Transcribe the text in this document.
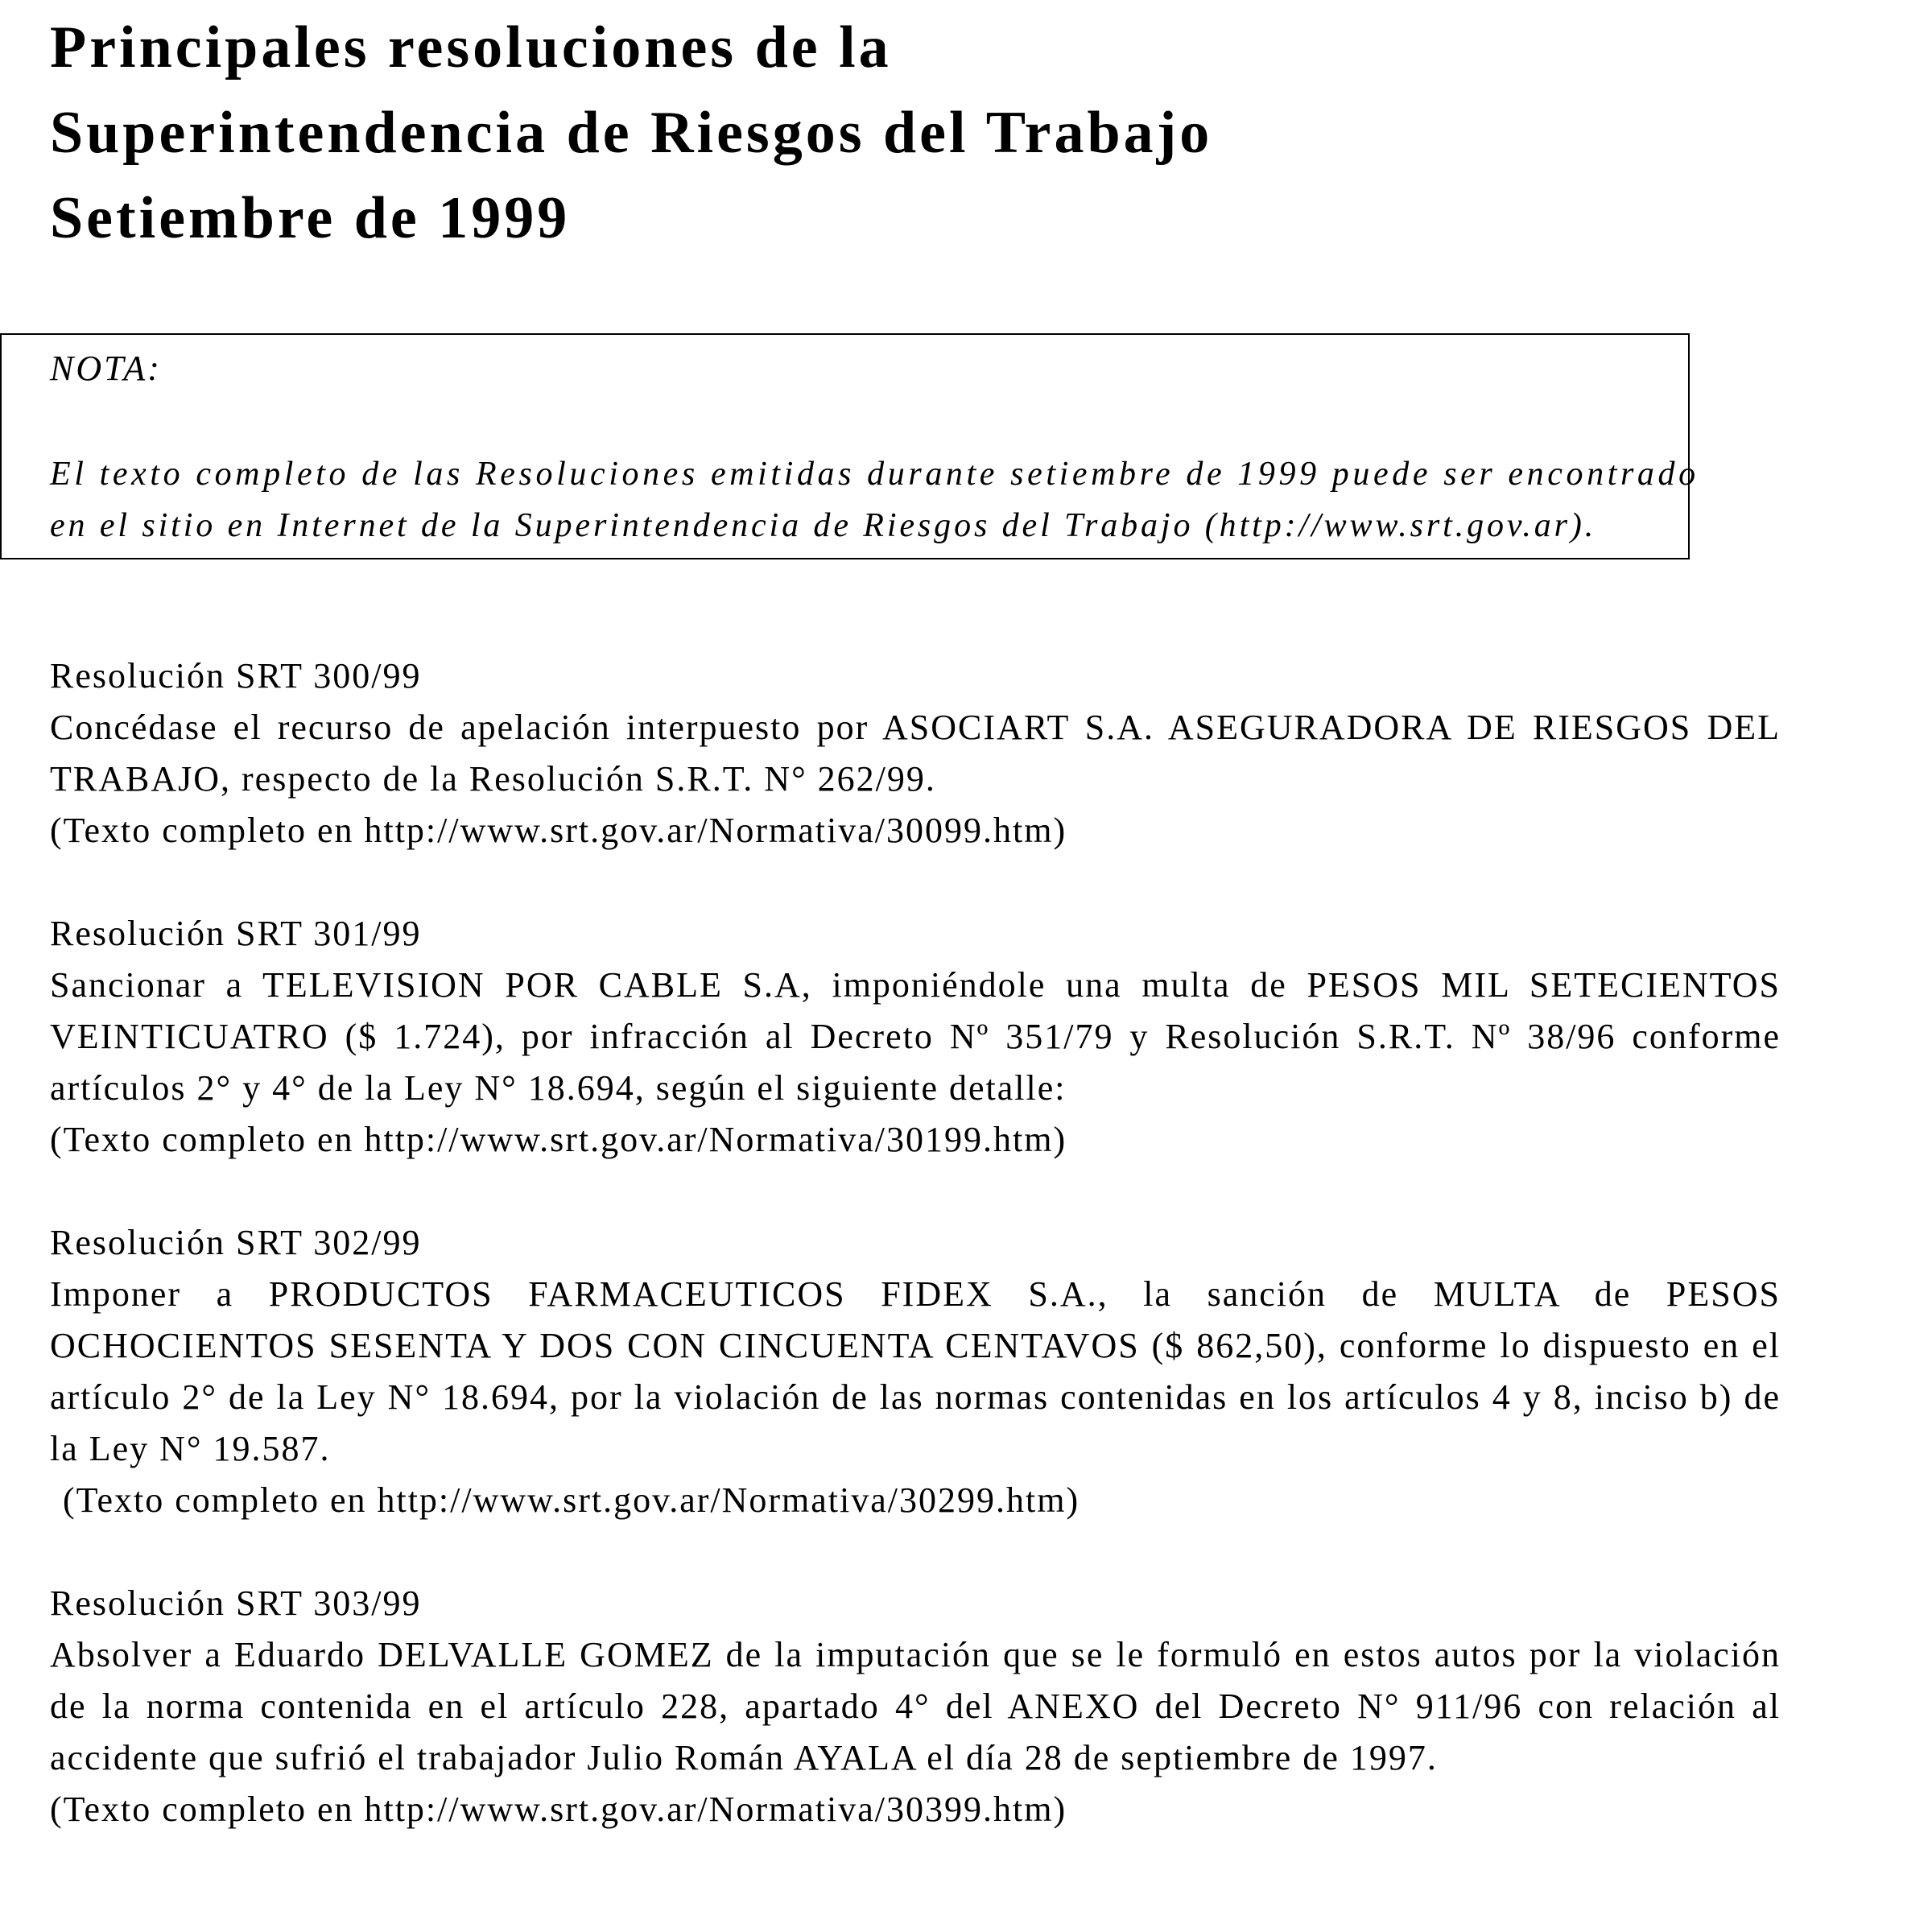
Principales resoluciones de la
Superintendencia de Riesgos del Trabajo
Setiembre de 1999
NOTA:
El texto completo de las Resoluciones emitidas durante setiembre de 1999 puede ser encontrado
en el sitio en Internet de la Superintendencia de Riesgos del Trabajo (http://www.srt.gov.ar).
Resolución SRT 300/99
Concédase el recurso de apelación interpuesto por ASOCIART S.A. ASEGURADORA DE RIESGOS DEL TRABAJO, respecto de la Resolución S.R.T. N° 262/99.
(Texto completo en http://www.srt.gov.ar/Normativa/30099.htm)
Resolución SRT 301/99
Sancionar a TELEVISION POR CABLE S.A, imponiéndole una multa de PESOS MIL SETECIENTOS VEINTICUATRO ($ 1.724), por infracción al Decreto Nº 351/79 y Resolución S.R.T. Nº 38/96 conforme artículos 2° y 4° de la Ley N° 18.694, según el siguiente detalle:
(Texto completo en http://www.srt.gov.ar/Normativa/30199.htm)
Resolución SRT 302/99
Imponer a PRODUCTOS FARMACEUTICOS FIDEX S.A., la sanción de MULTA de PESOS OCHOCIENTOS SESENTA Y DOS CON CINCUENTA CENTAVOS ($ 862,50), conforme lo dispuesto en el artículo 2° de la Ley N° 18.694, por la violación de las normas contenidas en los artículos 4 y 8, inciso b) de la Ley N° 19.587.
(Texto completo en http://www.srt.gov.ar/Normativa/30299.htm)
Resolución SRT 303/99
Absolver a Eduardo DELVALLE GOMEZ de la imputación que se le formuló en estos autos por la violación de la norma contenida en el artículo 228, apartado 4° del ANEXO del Decreto N° 911/96 con relación al accidente que sufrió el trabajador Julio Román AYALA el día 28 de septiembre de 1997.
(Texto completo en http://www.srt.gov.ar/Normativa/30399.htm)
